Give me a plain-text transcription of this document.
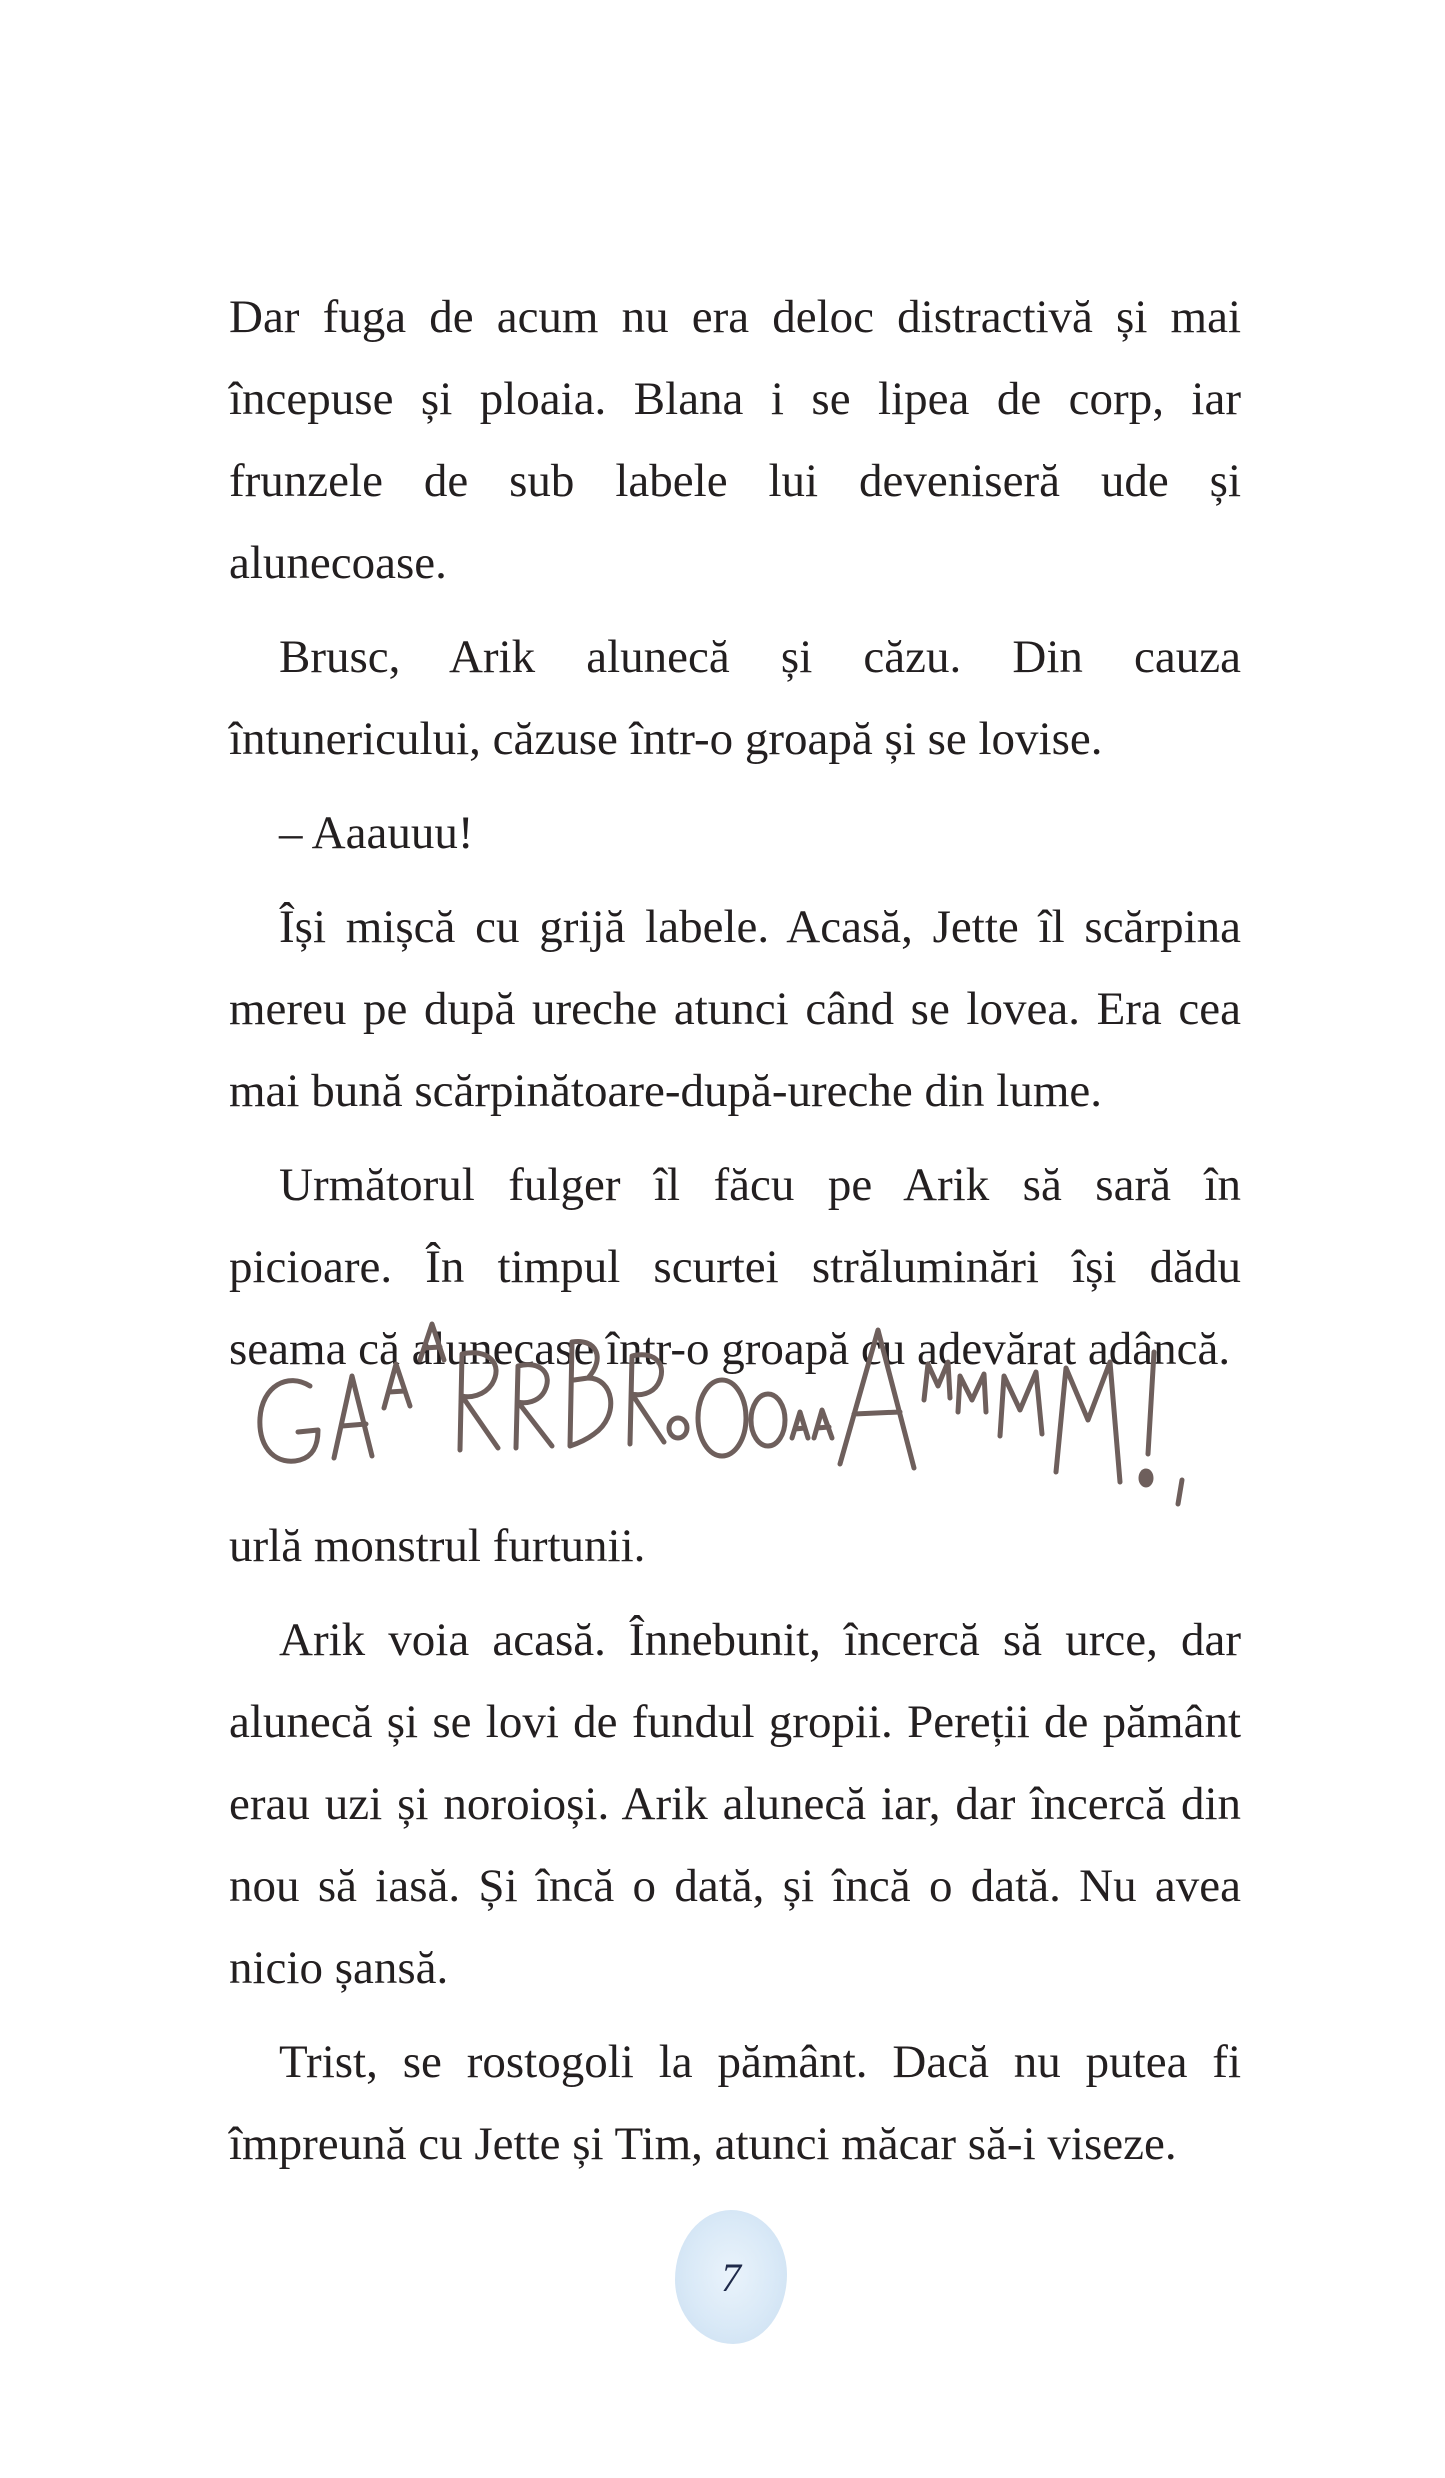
Dar fuga de acum nu era deloc distractivă și mai începuse și ploaia. Blana i se lipea de corp, iar frunzele de sub labele lui deveniseră ude și alunecoase.

Brusc, Arik alunecă și căzu. Din cauza întunericului, căzuse într-o groapă și se lovise.

– Aaauuu!

Își mișcă cu grijă labele. Acasă, Jette îl scărpina mereu pe după ureche atunci când se lovea. Era cea mai bună scărpinătoare-după-ureche din lume.

Următorul fulger îl făcu pe Arik să sară în picioare. În timpul scurtei străluminări își dădu seama că alunecase într-o groapă cu adevărat adâncă.

urlă monstrul furtunii.

Arik voia acasă. Înnebunit, încercă să urce, dar alunecă și se lovi de fundul gropii. Pereții de pământ erau uzi și noroioși. Arik alunecă iar, dar încercă din nou să iasă. Și încă o dată, și încă o dată. Nu avea nicio șansă.

Trist, se rostogoli la pământ. Dacă nu putea fi împreună cu Jette și Tim, atunci măcar să-i viseze.

7
